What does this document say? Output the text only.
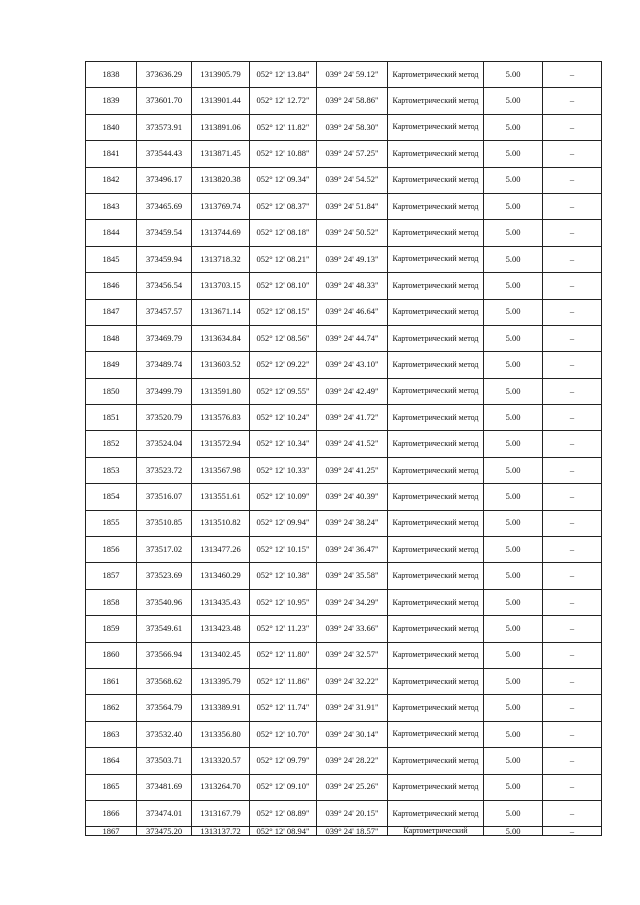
1838	373636.29	1313905.79	052° 12' 13.84"	039° 24' 59.12"	Картометрический метод	5.00	–
1839	373601.70	1313901.44	052° 12' 12.72"	039° 24' 58.86"	Картометрический метод	5.00	–
1840	373573.91	1313891.06	052° 12' 11.82"	039° 24' 58.30"	Картометрический метод	5.00	–
1841	373544.43	1313871.45	052° 12' 10.88"	039° 24' 57.25"	Картометрический метод	5.00	–
1842	373496.17	1313820.38	052° 12' 09.34"	039° 24' 54.52"	Картометрический метод	5.00	–
1843	373465.69	1313769.74	052° 12' 08.37"	039° 24' 51.84"	Картометрический метод	5.00	–
1844	373459.54	1313744.69	052° 12' 08.18"	039° 24' 50.52"	Картометрический метод	5.00	–
1845	373459.94	1313718.32	052° 12' 08.21"	039° 24' 49.13"	Картометрический метод	5.00	–
1846	373456.54	1313703.15	052° 12' 08.10"	039° 24' 48.33"	Картометрический метод	5.00	–
1847	373457.57	1313671.14	052° 12' 08.15"	039° 24' 46.64"	Картометрический метод	5.00	–
1848	373469.79	1313634.84	052° 12' 08.56"	039° 24' 44.74"	Картометрический метод	5.00	–
1849	373489.74	1313603.52	052° 12' 09.22"	039° 24' 43.10"	Картометрический метод	5.00	–
1850	373499.79	1313591.80	052° 12' 09.55"	039° 24' 42.49"	Картометрический метод	5.00	–
1851	373520.79	1313576.83	052° 12' 10.24"	039° 24' 41.72"	Картометрический метод	5.00	–
1852	373524.04	1313572.94	052° 12' 10.34"	039° 24' 41.52"	Картометрический метод	5.00	–
1853	373523.72	1313567.98	052° 12' 10.33"	039° 24' 41.25"	Картометрический метод	5.00	–
1854	373516.07	1313551.61	052° 12' 10.09"	039° 24' 40.39"	Картометрический метод	5.00	–
1855	373510.85	1313510.82	052° 12' 09.94"	039° 24' 38.24"	Картометрический метод	5.00	–
1856	373517.02	1313477.26	052° 12' 10.15"	039° 24' 36.47"	Картометрический метод	5.00	–
1857	373523.69	1313460.29	052° 12' 10.38"	039° 24' 35.58"	Картометрический метод	5.00	–
1858	373540.96	1313435.43	052° 12' 10.95"	039° 24' 34.29"	Картометрический метод	5.00	–
1859	373549.61	1313423.48	052° 12' 11.23"	039° 24' 33.66"	Картометрический метод	5.00	–
1860	373566.94	1313402.45	052° 12' 11.80"	039° 24' 32.57"	Картометрический метод	5.00	–
1861	373568.62	1313395.79	052° 12' 11.86"	039° 24' 32.22"	Картометрический метод	5.00	–
1862	373564.79	1313389.91	052° 12' 11.74"	039° 24' 31.91"	Картометрический метод	5.00	–
1863	373532.40	1313356.80	052° 12' 10.70"	039° 24' 30.14"	Картометрический метод	5.00	–
1864	373503.71	1313320.57	052° 12' 09.79"	039° 24' 28.22"	Картометрический метод	5.00	–
1865	373481.69	1313264.70	052° 12' 09.10"	039° 24' 25.26"	Картометрический метод	5.00	–
1866	373474.01	1313167.79	052° 12' 08.89"	039° 24' 20.15"	Картометрический метод	5.00	–
1867	373475.20	1313137.72	052° 12' 08.94"	039° 24' 18.57"	Картометрический	5.00	–
